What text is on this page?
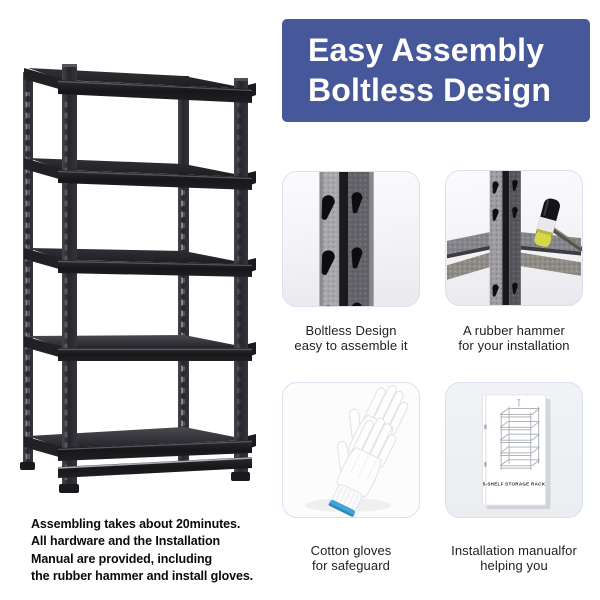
Easy Assembly
Boltless Design
5-SHELF STORAGE RACK
Boltless Design
easy to assemble it
A rubber hammer
for your installation
Cotton gloves
for safeguard
Installation manualfor
helping you
Assembling takes about 20minutes.
All hardware and the Installation
Manual are provided, including
the rubber hammer and install gloves.
